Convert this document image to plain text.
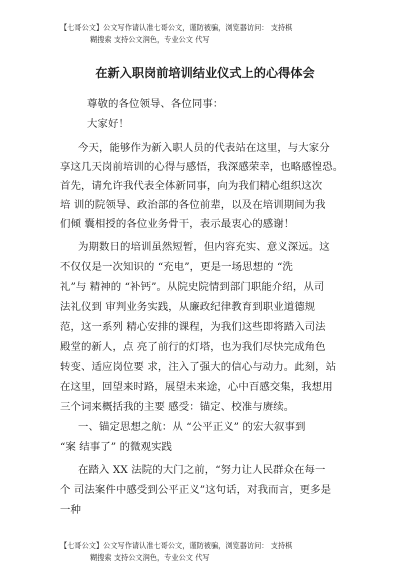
【七哥公文】公文写作请认准七哥公文，谨防被骗，浏览器访问： 支持棋
糊搜索 支持公文润色，专业公文 代写
在新入职岗前培训结业仪式上的心得体会
尊敬的各位领导、各位同事：
大家好！
今天，能够作为新入职人员的代表站在这里，与大家分
享这几天岗前培训的心得与感悟，我深感荣幸，也略感惶恐。
首先，请允许我代表全体新同事，向为我们精心组织这次
培 训的院领导、政治部的各位前辈，以及在培训期间为我
们倾 囊相授的各位业务骨干，表示最衷心的感谢！
为期数日的培训虽然短暂，但内容充实、意义深远。这
不仅仅是一次知识的 “充电”，更是一场思想的 “洗
礼”与 精神的 “补钙”。从院史院情到部门职能介绍，从司
法礼仪到 审判业务实践，从廉政纪律教育到职业道德规
范，这一系列 精心安排的课程，为我们这些即将踏入司法
殿堂的新人，点 亮了前行的灯塔，也为我们尽快完成角色
转变、适应岗位要 求，注入了强大的信心与动力。此刻，站
在这里，回望来时路，展望未来途，心中百感交集，我想用
三个词来概括我的主要 感受：锚定、校准与赓续。
一、锚定思想之航：从 “公平正义” 的宏大叙事到
“案 结事了” 的微观实践
在踏入 XX 法院的大门之前，“努力让人民群众在每一
个 司法案件中感受到公平正义”这句话，对我而言，更多是
一种
【七哥公文】公文写作请认准七哥公文，谨防被骗，浏览器访问： 支持棋
糊搜索 支持公文润色，专业公文 代写
